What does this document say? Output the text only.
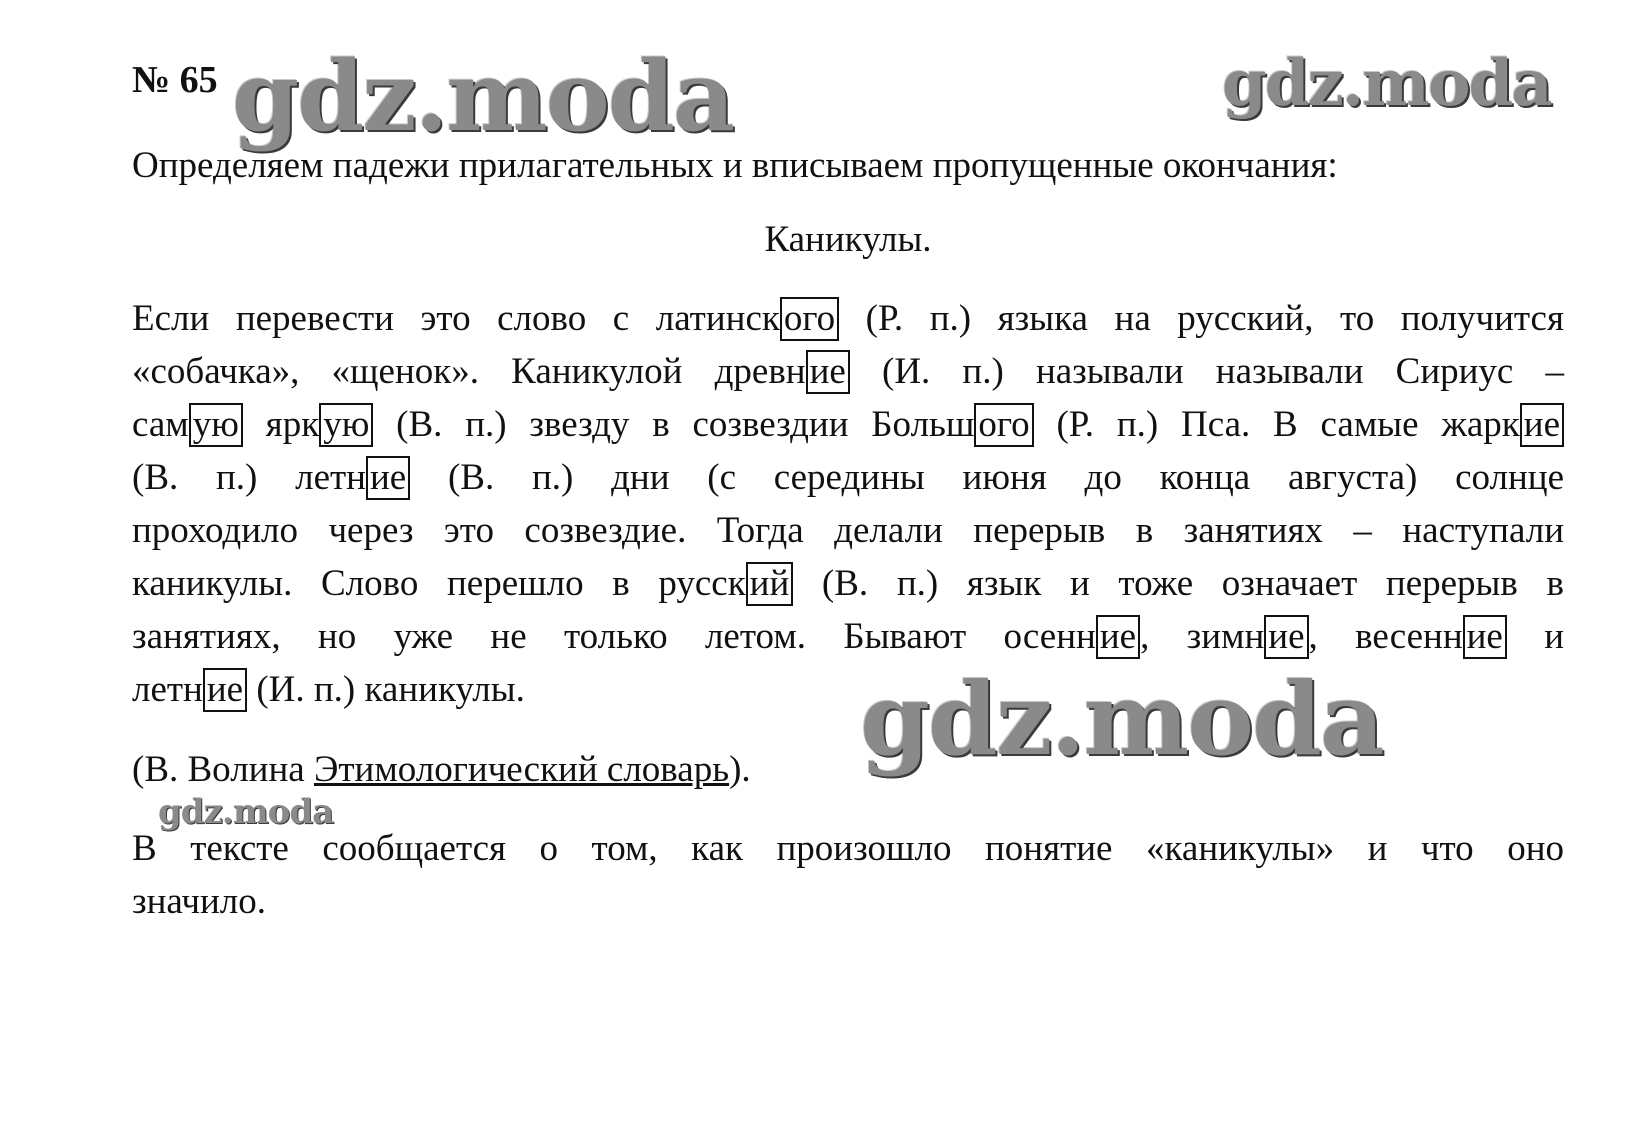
gdz.moda	gdz.moda
gdz.moda
gdz.moda
№ 65
Определяем падежи прилагательных и вписываем пропущенные окончания:
Каникулы.
Если перевести это слово с латинск ого (Р. п.) языка на русский, то получится
«собачка», «щенок». Каникулой древн ие (И. п.) называли называли Сириус –
сам ую ярк ую (В. п.) звезду в созвездии Больш ого (Р. п.) Пса. В самые жарк ие
(В. п.) летн ие (В. п.) дни (с середины июня до конца августа) солнце
проходило через это созвездие. Тогда делали перерыв в занятиях – наступали
каникулы. Слово перешло в русск ий (В. п.) язык и тоже означает перерыв в
занятиях, но уже не только летом. Бывают осенн ие , зимн ие , весенн ие и
летн ие (И. п.) каникулы.
(В. Волина Этимологический словарь).
В тексте сообщается о том, как произошло понятие «каникулы» и что оно
значило.
